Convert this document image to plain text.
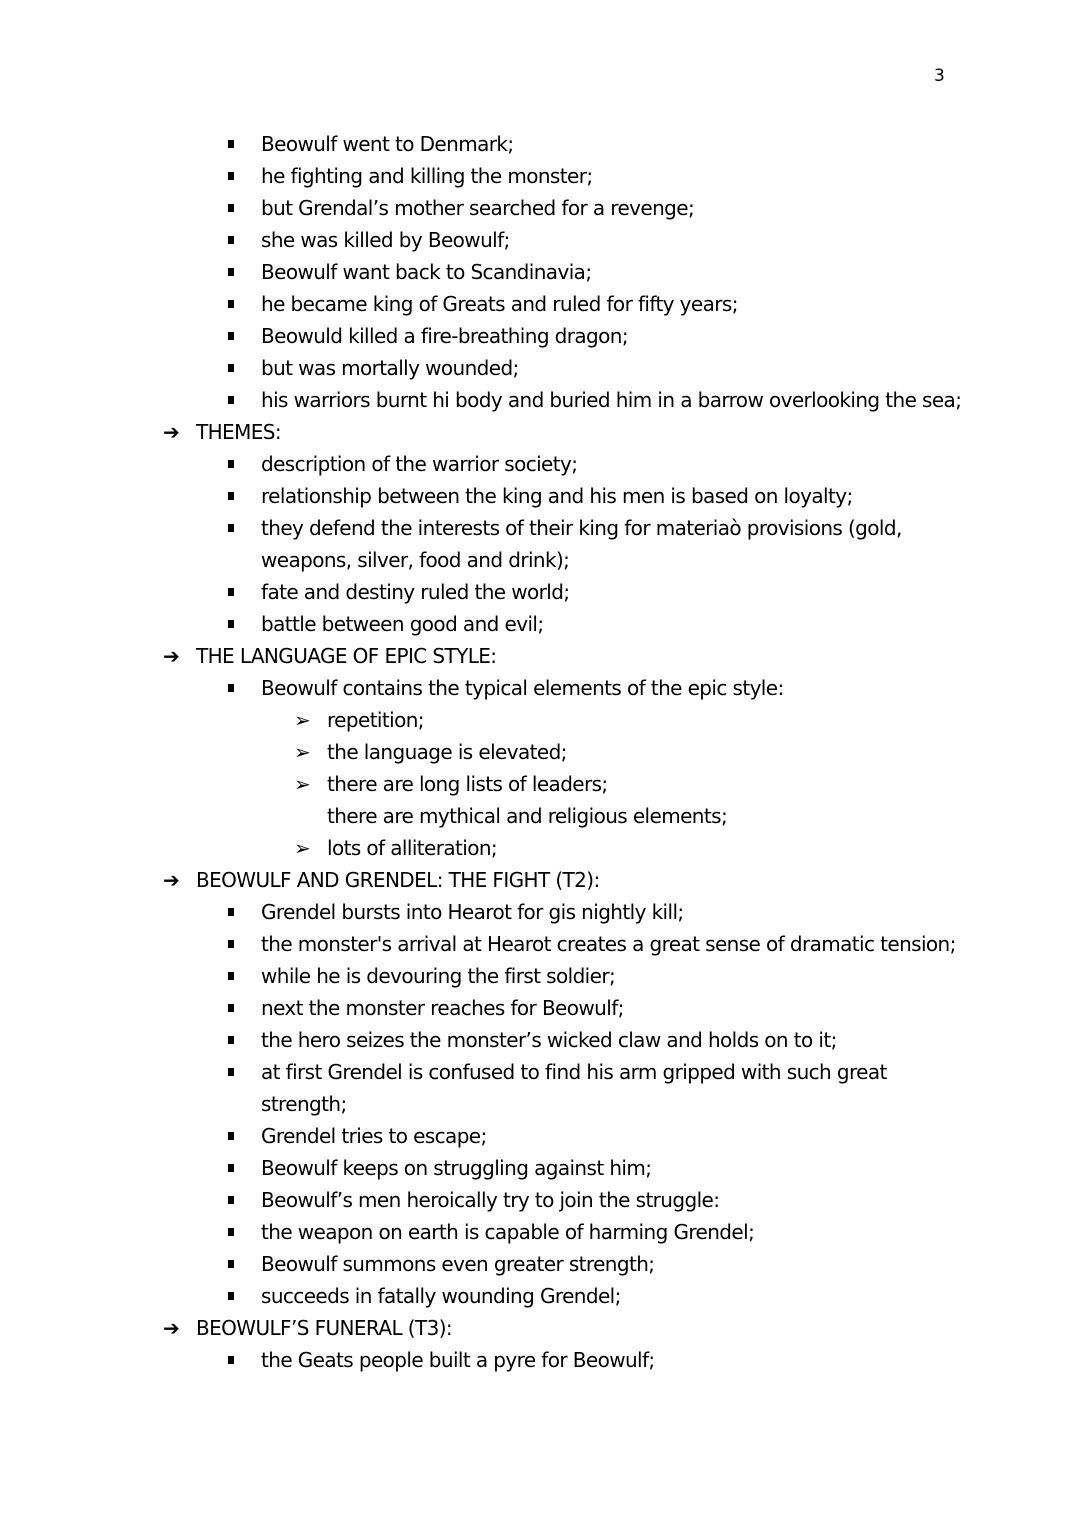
3
Beowulf went to Denmark;
he fighting and killing the monster;
but Grendal’s mother searched for a revenge;
she was killed by Beowulf;
Beowulf want back to Scandinavia;
he became king of Greats and ruled for fifty years;
Beowuld killed a fire-breathing dragon;
but was mortally wounded;
his warriors burnt hi body and buried him in a barrow overlooking the sea;
➔ THEMES:
description of the warrior society;
relationship between the king and his men is based on loyalty;
they defend the interests of their king for materiaò provisions (gold,
weapons, silver, food and drink);
fate and destiny ruled the world;
battle between good and evil;
➔ THE LANGUAGE OF EPIC STYLE:
Beowulf contains the typical elements of the epic style:
➢ repetition;
➢ the language is elevated;
➢ there are long lists of leaders;
there are mythical and religious elements;
➢ lots of alliteration;
➔ BEOWULF AND GRENDEL: THE FIGHT (T2):
Grendel bursts into Hearot for gis nightly kill;
the monster's arrival at Hearot creates a great sense of dramatic tension;
while he is devouring the first soldier;
next the monster reaches for Beowulf;
the hero seizes the monster’s wicked claw and holds on to it;
at first Grendel is confused to find his arm gripped with such great
strength;
Grendel tries to escape;
Beowulf keeps on struggling against him;
Beowulf’s men heroically try to join the struggle:
the weapon on earth is capable of harming Grendel;
Beowulf summons even greater strength;
succeeds in fatally wounding Grendel;
➔ BEOWULF’S FUNERAL (T3):
the Geats people built a pyre for Beowulf;
